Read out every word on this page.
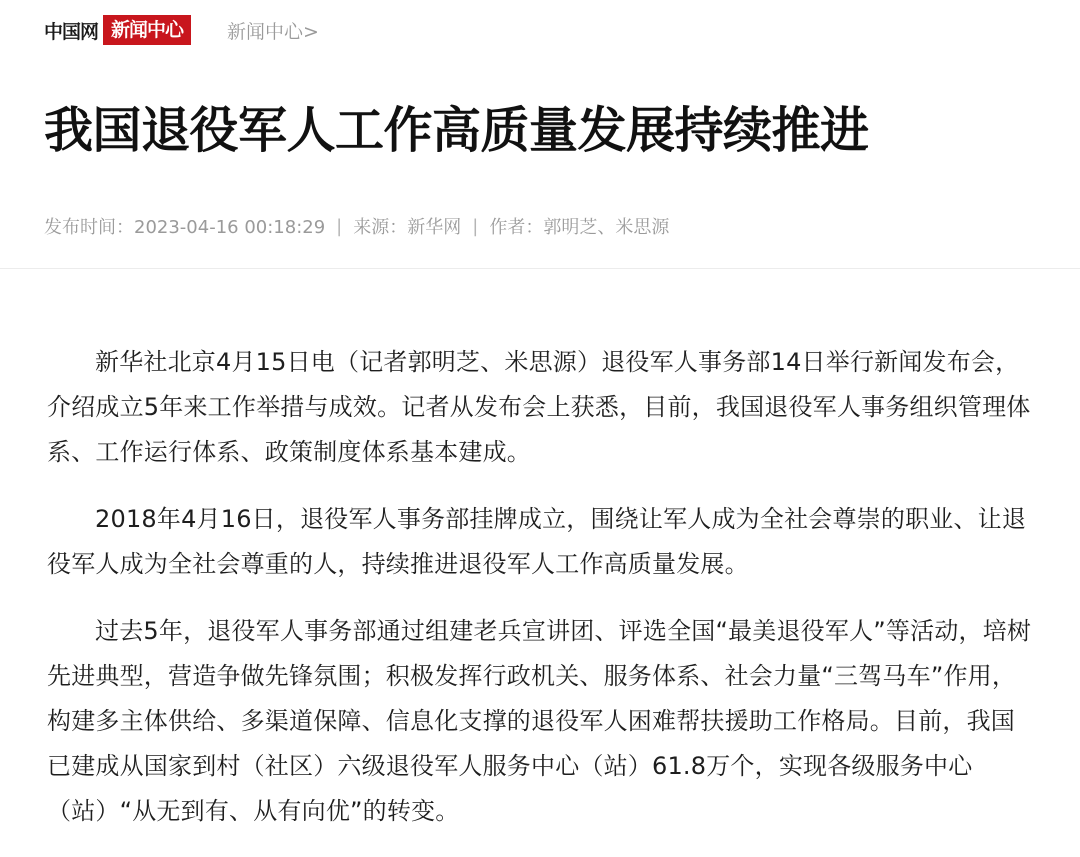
中国网 新闻中心	新闻中心>
我国退役军人工作高质量发展持续推进
发布时间：2023-04-16 00:18:29 | 来源：新华网 | 作者：郭明芝、米思源

新华社北京4月15日电（记者郭明芝、米思源）退役军人事务部14日举行新闻发布会，介绍成立5年来工作举措与成效。记者从发布会上获悉，目前，我国退役军人事务组织管理体系、工作运行体系、政策制度体系基本建成。

2018年4月16日，退役军人事务部挂牌成立，围绕让军人成为全社会尊崇的职业、让退役军人成为全社会尊重的人，持续推进退役军人工作高质量发展。

过去5年，退役军人事务部通过组建老兵宣讲团、评选全国“最美退役军人”等活动，培树先进典型，营造争做先锋氛围；积极发挥行政机关、服务体系、社会力量“三驾马车”作用，构建多主体供给、多渠道保障、信息化支撑的退役军人困难帮扶援助工作格局。目前，我国已建成从国家到村（社区）六级退役军人服务中心（站）61.8万个，实现各级服务中心（站）“从无到有、从有向优”的转变。
